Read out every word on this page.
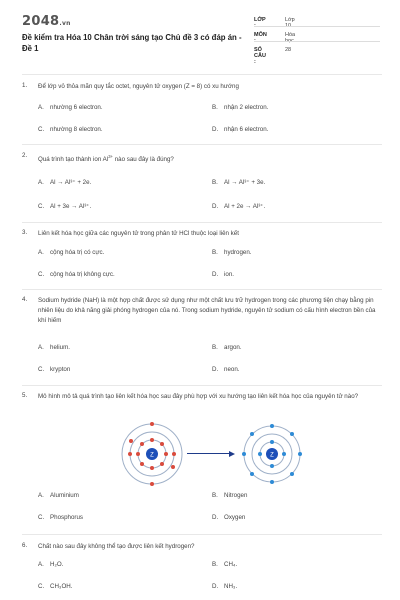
2048.vn
Đề kiểm tra Hóa 10 Chân trời sáng tạo Chủ đề 3 có đáp án - Đề 1
LỚP :
Lớp 10
MÔN :
Hóa học
SỐ CÂU :
28
1. Để lớp vỏ thỏa mãn quy tắc octet, nguyên tử oxygen (Z = 8) có xu hướng
A. nhường 6 electron.	B. nhận 2 electron.
C. nhường 8 electron.	D. nhận 6 electron.
2.
Quá trình tạo thành ion $Al^{3+}$ nào sau đây là đúng?
A. Al → Al³⁺ + 2e.	B. Al → Al³⁺ + 3e.
C. Al + 3e → Al³⁺.	D. Al + 2e → Al³⁺.
3. Liên kết hóa học giữa các nguyên tử trong phân tử HCl thuộc loại liên kết
A. cộng hóa trị có cực.	B. hydrogen.
C. cộng hóa trị không cực.	D. ion.
4. Sodium hydride (NaH) là một hợp chất được sử dụng như một chất lưu trữ hydrogen trong các phương tiện chạy bằng pin nhiên liệu do khả năng giải phóng hydrogen của nó. Trong sodium hydride, nguyên tử sodium có cấu hình electron bền của khí hiếm
A. helium.	B. argon.
C. krypton	D. neon.
5. Mô hình mô tả quá trình tạo liên kết hóa học sau đây phù hợp với xu hướng tạo liên kết hóa học của nguyên tử nào?
Z	Z
A. Aluminium	B. Nitrogen
C. Phosphorus	D. Oxygen
6. Chất nào sau đây không thể tạo được liên kết hydrogen?
A. H₂O.	B. CH₄.
C. CH₃OH.	D. NH₃.
